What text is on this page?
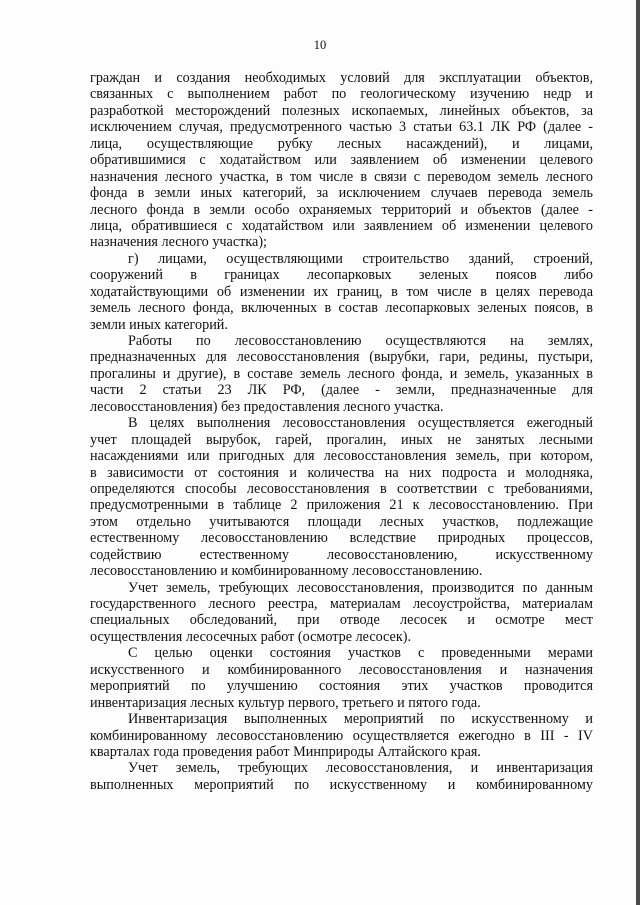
10
граждан и создания необходимых условий для эксплуатации объектов,
связанных с выполнением работ по геологическому изучению недр и
разработкой месторождений полезных ископаемых, линейных объектов, за
исключением случая, предусмотренного частью 3 статьи 63.1 ЛК РФ (далее -
лица, осуществляющие рубку лесных насаждений), и лицами,
обратившимися с ходатайством или заявлением об изменении целевого
назначения лесного участка, в том числе в связи с переводом земель лесного
фонда в земли иных категорий, за исключением случаев перевода земель
лесного фонда в земли особо охраняемых территорий и объектов (далее -
лица, обратившиеся с ходатайством или заявлением об изменении целевого
назначения лесного участка);
г) лицами, осуществляющими строительство зданий, строений,
сооружений в границах лесопарковых зеленых поясов либо
ходатайствующими об изменении их границ, в том числе в целях перевода
земель лесного фонда, включенных в состав лесопарковых зеленых поясов, в
земли иных категорий.
Работы по лесовосстановлению осуществляются на землях,
предназначенных для лесовосстановления (вырубки, гари, редины, пустыри,
прогалины и другие), в составе земель лесного фонда, и земель, указанных в
части 2 статьи 23 ЛК РФ, (далее - земли, предназначенные для
лесовосстановления) без предоставления лесного участка.
В целях выполнения лесовосстановления осуществляется ежегодный
учет площадей вырубок, гарей, прогалин, иных не занятых лесными
насаждениями или пригодных для лесовосстановления земель, при котором,
в зависимости от состояния и количества на них подроста и молодняка,
определяются способы лесовосстановления в соответствии с требованиями,
предусмотренными в таблице 2 приложения 21 к лесовосстановлению. При
этом отдельно учитываются площади лесных участков, подлежащие
естественному лесовосстановлению вследствие природных процессов,
содействию естественному лесовосстановлению, искусственному
лесовосстановлению и комбинированному лесовосстановлению.
Учет земель, требующих лесовосстановления, производится по данным
государственного лесного реестра, материалам лесоустройства, материалам
специальных обследований, при отводе лесосек и осмотре мест
осуществления лесосечных работ (осмотре лесосек).
С целью оценки состояния участков с проведенными мерами
искусственного и комбинированного лесовосстановления и назначения
мероприятий по улучшению состояния этих участков проводится
инвентаризация лесных культур первого, третьего и пятого года.
Инвентаризация выполненных мероприятий по искусственному и
комбинированному лесовосстановлению осуществляется ежегодно в III - IV
кварталах года проведения работ Минприроды Алтайского края.
Учет земель, требующих лесовосстановления, и инвентаризация
выполненных мероприятий по искусственному и комбинированному
